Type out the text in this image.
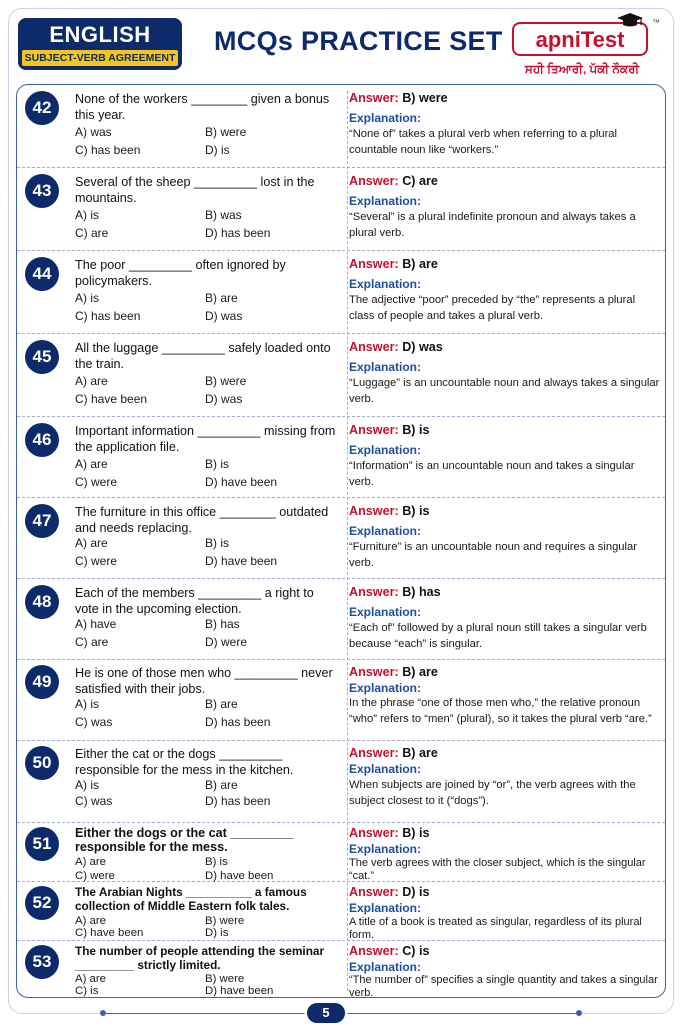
ENGLISH
SUBJECT-VERB AGREEMENT
MCQs PRACTICE SET	apniTest
™
ਸਹੀ ਤਿਆਰੀ, ਪੱਕੀ ਨੌਕਰੀ
42	None of the workers ________ given a bonus this year.
A) was	B) were
C) has been	D) is
Answer: B) were
Explanation:
“None of” takes a plural verb when referring to a plural countable noun like “workers.”
43	Several of the sheep _________ lost in the mountains.
A) is	B) was
C) are	D) has been
Answer: C) are
Explanation:
“Several” is a plural indefinite pronoun and always takes a plural verb.
44	The poor _________ often ignored by policymakers.
A) is	B) are
C) has been	D) was
Answer: B) are
Explanation:
The adjective “poor” preceded by “the” represents a plural class of people and takes a plural verb.
45	All the luggage _________ safely loaded onto the train.
A) are	B) were
C) have been	D) was
Answer: D) was
Explanation:
“Luggage” is an uncountable noun and always takes a singular verb.
46	Important information _________ missing from the application file.
A) are	B) is
C) were	D) have been
Answer: B) is
Explanation:
“Information” is an uncountable noun and takes a singular verb.
47	The furniture in this office ________ outdated and needs replacing.
A) are	B) is
C) were	D) have been
Answer: B) is
Explanation:
“Furniture” is an uncountable noun and requires a singular verb.
48	Each of the members _________ a right to vote in the upcoming election.
A) have	B) has
C) are	D) were
Answer: B) has
Explanation:
“Each of” followed by a plural noun still takes a singular verb because “each” is singular.
49	He is one of those men who _________ never satisfied with their jobs.
A) is	B) are
C) was	D) has been
Answer: B) are
Explanation:
In the phrase “one of those men who,” the relative pronoun “who” refers to “men” (plural), so it takes the plural verb “are.”
50	Either the cat or the dogs _________ responsible for the mess in the kitchen.
A) is	B) are
C) was	D) has been
Answer: B) are
Explanation:
When subjects are joined by “or”, the verb agrees with the subject closest to it (“dogs”).
51
Either the dogs or the cat _________ responsible for the mess.
A) are	B) is
C) were	D) have been
Answer: B) is
Explanation:
The verb agrees with the closer subject, which is the singular “cat.”
52
The Arabian Nights __________ a famous collection of Middle Eastern folk tales.
A) are	B) were
C) have been	D) is
Answer: D) is
Explanation:
A title of a book is treated as singular, regardless of its plural form.
53
The number of people attending the seminar _________ strictly limited.
A) are	B) were
C) is	D) have been
Answer: C) is
Explanation:
“The number of” specifies a single quantity and takes a singular verb.
5
